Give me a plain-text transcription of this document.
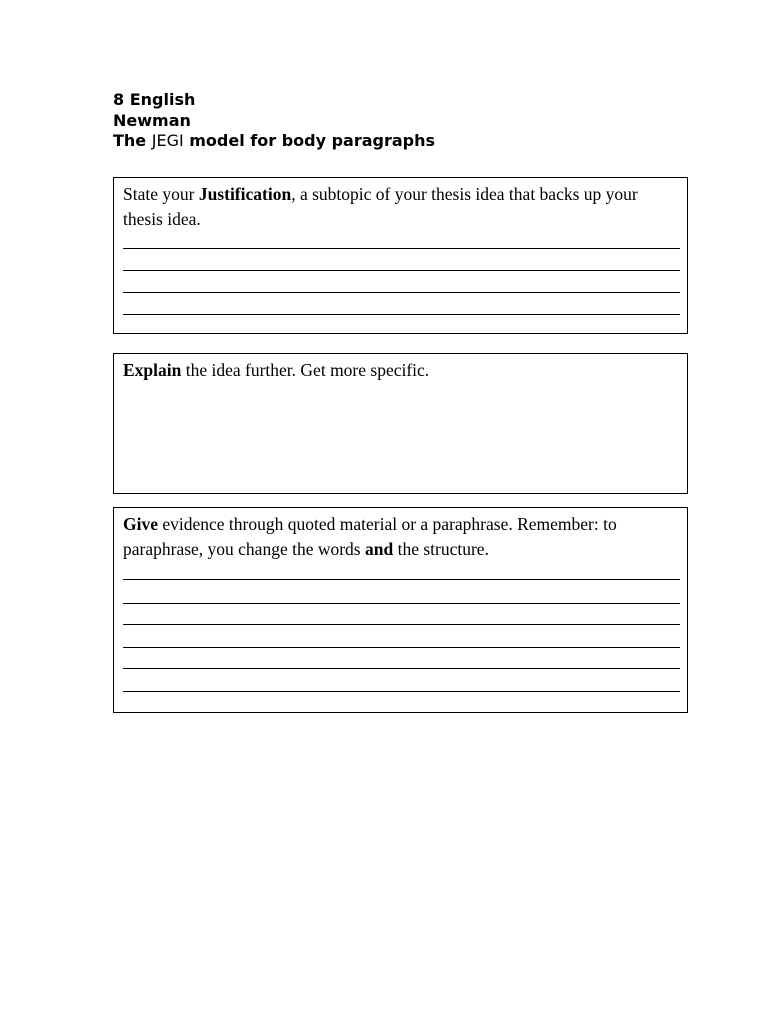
8 English
Newman
The JEGI model for body paragraphs
State your Justification, a subtopic of your thesis idea that backs up your thesis idea.
Explain the idea further. Get more specific.
Give evidence through quoted material or a paraphrase. Remember: to paraphrase, you change the words and the structure.
